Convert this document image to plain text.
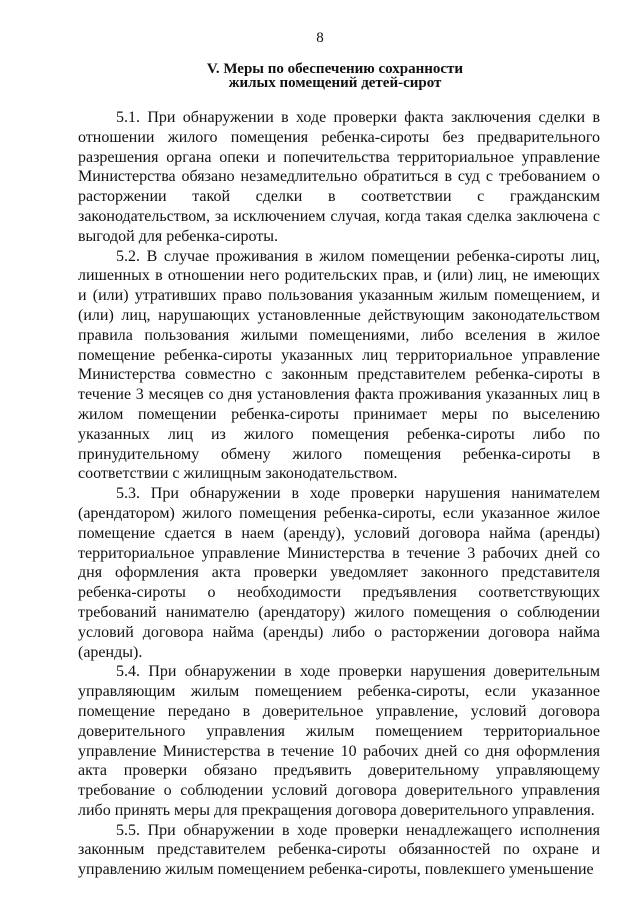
8
V. Меры по обеспечению сохранности
жилых помещений детей-сирот

5.1. При обнаружении в ходе проверки факта заключения сделки в отношении жилого помещения ребенка-сироты без предварительного разрешения органа опеки и попечительства территориальное управление Министерства обязано незамедлительно обратиться в суд с требованием о расторжении такой сделки в соответствии с гражданским законодательством, за исключением случая, когда такая сделка заключена с выгодой для ребенка-сироты.

5.2. В случае проживания в жилом помещении ребенка-сироты лиц, лишенных в отношении него родительских прав, и (или) лиц, не имеющих и (или) утративших право пользования указанным жилым помещением, и (или) лиц, нарушающих установленные действующим законодательством правила пользования жилыми помещениями, либо вселения в жилое помещение ребенка-сироты указанных лиц территориальное управление Министерства совместно с законным представителем ребенка-сироты в течение 3 месяцев со дня установления факта проживания указанных лиц в жилом помещении ребенка-сироты принимает меры по выселению указанных лиц из жилого помещения ребенка-сироты либо по принудительному обмену жилого помещения ребенка-сироты в соответствии с жилищным законодательством.

5.3. При обнаружении в ходе проверки нарушения нанимателем (арендатором) жилого помещения ребенка-сироты, если указанное жилое помещение сдается в наем (аренду), условий договора найма (аренды) территориальное управление Министерства в течение 3 рабочих дней со дня оформления акта проверки уведомляет законного представителя ребенка-сироты о необходимости предъявления соответствующих требований нанимателю (арендатору) жилого помещения о соблюдении условий договора найма (аренды) либо о расторжении договора найма (аренды).

5.4. При обнаружении в ходе проверки нарушения доверительным управляющим жилым помещением ребенка-сироты, если указанное помещение передано в доверительное управление, условий договора доверительного управления жилым помещением территориальное управление Министерства в течение 10 рабочих дней со дня оформления акта проверки обязано предъявить доверительному управляющему требование о соблюдении условий договора доверительного управления либо принять меры для прекращения договора доверительного управления.

5.5. При обнаружении в ходе проверки ненадлежащего исполнения законным представителем ребенка-сироты обязанностей по охране и управлению жилым помещением ребенка-сироты, повлекшего уменьшение
